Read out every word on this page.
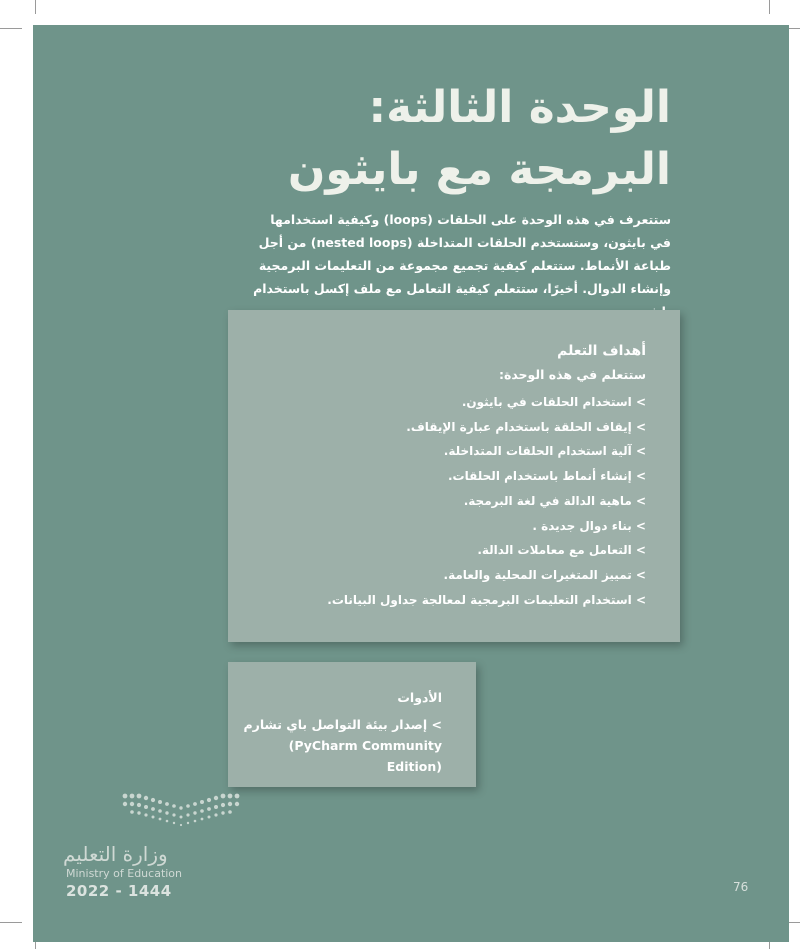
الوحدة الثالثة:
البرمجة مع بايثون
ستتعرف في هذه الوحدة على الحلقات (loops) وكيفية استخدامها في بايثون، وستستخدم الحلقات المتداخلة (nested loops) من أجل طباعة الأنماط. ستتعلم كيفية تجميع مجموعة من التعليمات البرمجية وإنشاء الدوال. أخيرًا، ستتعلم كيفية التعامل مع ملف إكسل باستخدام
أهداف التعلم
ستتعلم في هذه الوحدة:
> استخدام الحلقات في بايثون.
> إيقاف الحلقة باستخدام عبارة الإيقاف.
> آلية استخدام الحلقات المتداخلة.
> إنشاء أنماط باستخدام الحلقات.
> ماهية الدالة في لغة البرمجة.
> بناء دوال جديدة .
> التعامل مع معاملات الدالة.
> تمييز المتغيرات المحلية والعامة.
> استخدام التعليمات البرمجية لمعالجة جداول البيانات.
الأدوات
> إصدار بيئة التواصل باي تشارم
(PyCharm Community Edition)
وزارة التعليم
Ministry of Education
2022 - 1444	76
